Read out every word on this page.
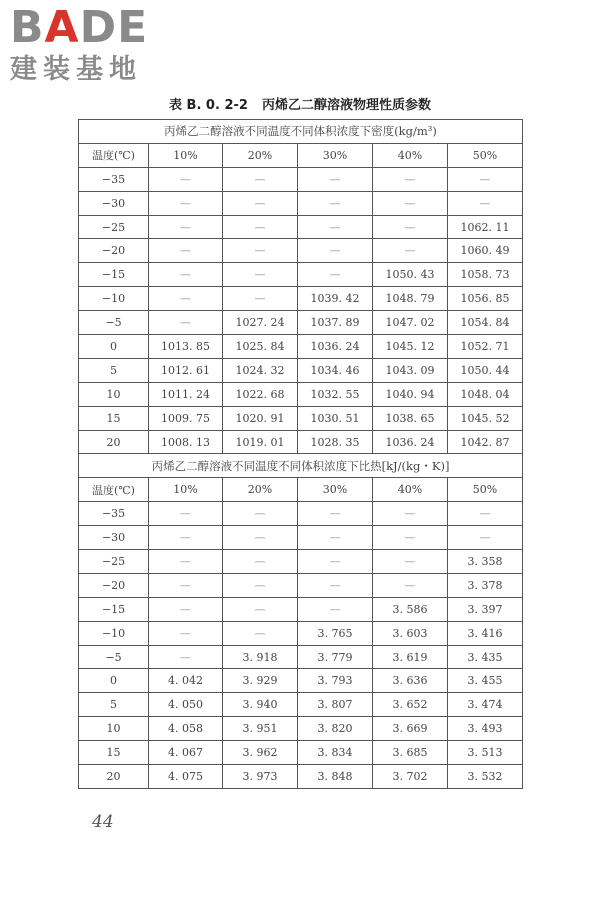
BADE
建装基地
表 B. 0. 2-2 丙烯乙二醇溶液物理性质参数
丙烯乙二醇溶液不同温度不同体积浓度下密度(kg/m³)					
温度(℃)	10%	20%	30%	40%	50%
−35	—	—	—	—	—
−30	—	—	—	—	—
−25	—	—	—	—	1062. 11
−20	—	—	—	—	1060. 49
−15	—	—	—	1050. 43	1058. 73
−10	—	—	1039. 42	1048. 79	1056. 85
−5	—	1027. 24	1037. 89	1047. 02	1054. 84
0	1013. 85	1025. 84	1036. 24	1045. 12	1052. 71
5	1012. 61	1024. 32	1034. 46	1043. 09	1050. 44
10	1011. 24	1022. 68	1032. 55	1040. 94	1048. 04
15	1009. 75	1020. 91	1030. 51	1038. 65	1045. 52
20	1008. 13	1019. 01	1028. 35	1036. 24	1042. 87
丙烯乙二醇溶液不同温度不同体积浓度下比热[kJ/(kg・K)]					
温度(℃)	10%	20%	30%	40%	50%
−35	—	—	—	—	—
−30	—	—	—	—	—
−25	—	—	—	—	3. 358
−20	—	—	—	—	3. 378
−15	—	—	—	3. 586	3. 397
−10	—	—	3. 765	3. 603	3. 416
−5	—	3. 918	3. 779	3. 619	3. 435
0	4. 042	3. 929	3. 793	3. 636	3. 455
5	4. 050	3. 940	3. 807	3. 652	3. 474
10	4. 058	3. 951	3. 820	3. 669	3. 493
15	4. 067	3. 962	3. 834	3. 685	3. 513
20	4. 075	3. 973	3. 848	3. 702	3. 532
44
